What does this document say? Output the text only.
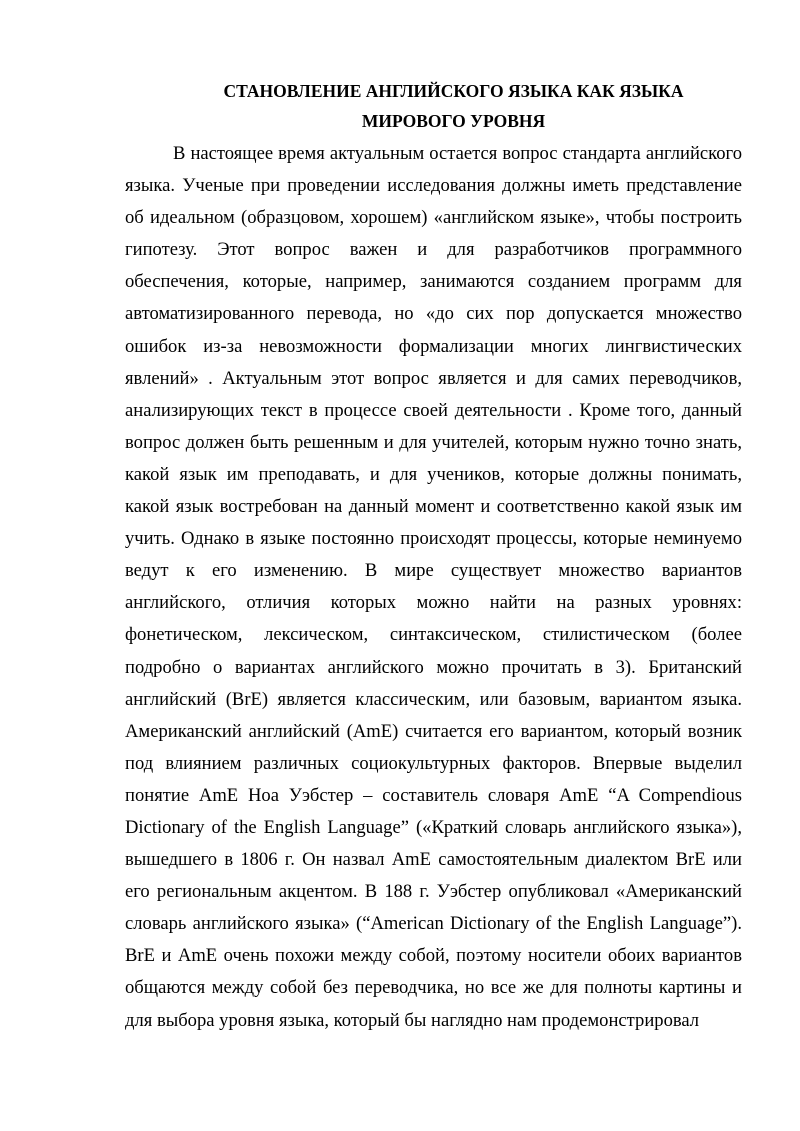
СТАНОВЛЕНИЕ АНГЛИЙСКОГО ЯЗЫКА КАК ЯЗЫКА
МИРОВОГО УРОВНЯ

В настоящее время актуальным остается вопрос стандарта английского языка. Ученые при проведении исследования должны иметь представление об идеальном (образцовом, хорошем) «английском языке», чтобы построить гипотезу. Этот вопрос важен и для разработчиков программного обеспечения, которые, например, занимаются созданием программ для автоматизированного перевода, но «до сих пор допускается множество ошибок из-за невозможности формализации многих лингвистических явлений» . Актуальным этот вопрос является и для самих переводчиков, анализирующих текст в процессе своей деятельности . Кроме того, данный вопрос должен быть решенным и для учителей, которым нужно точно знать, какой язык им преподавать, и для учеников, которые должны понимать, какой язык востребован на данный момент и соответственно какой язык им учить. Однако в языке постоянно происходят процессы, которые неминуемо ведут к его изменению. В мире существует множество вариантов английского, отличия которых можно найти на разных уровнях: фонетическом, лексическом, синтаксическом, стилистическом (более подробно о вариантах английского можно прочитать в 3). Британский английский (BrE) является классическим, или базовым, вариантом языка. Американский английский (AmE) считается его вариантом, который возник под влиянием различных социокультурных факторов. Впервые выделил понятие AmE Ноа Уэбстер – составитель словаря AmE “A Compendious Dictionary of the English Language” («Краткий словарь английского языка»), вышедшего в 1806 г. Он назвал AmE самостоятельным диалектом BrE или его региональным акцентом. В 188 г. Уэбстер опубликовал «Американский словарь английского языка» (“American Dictionary of the English Language”). BrE и AmE очень похожи между собой, поэтому носители обоих вариантов общаются между собой без переводчика, но все же для полноты картины и для выбора уровня языка, который бы наглядно нам продемонстрировал
